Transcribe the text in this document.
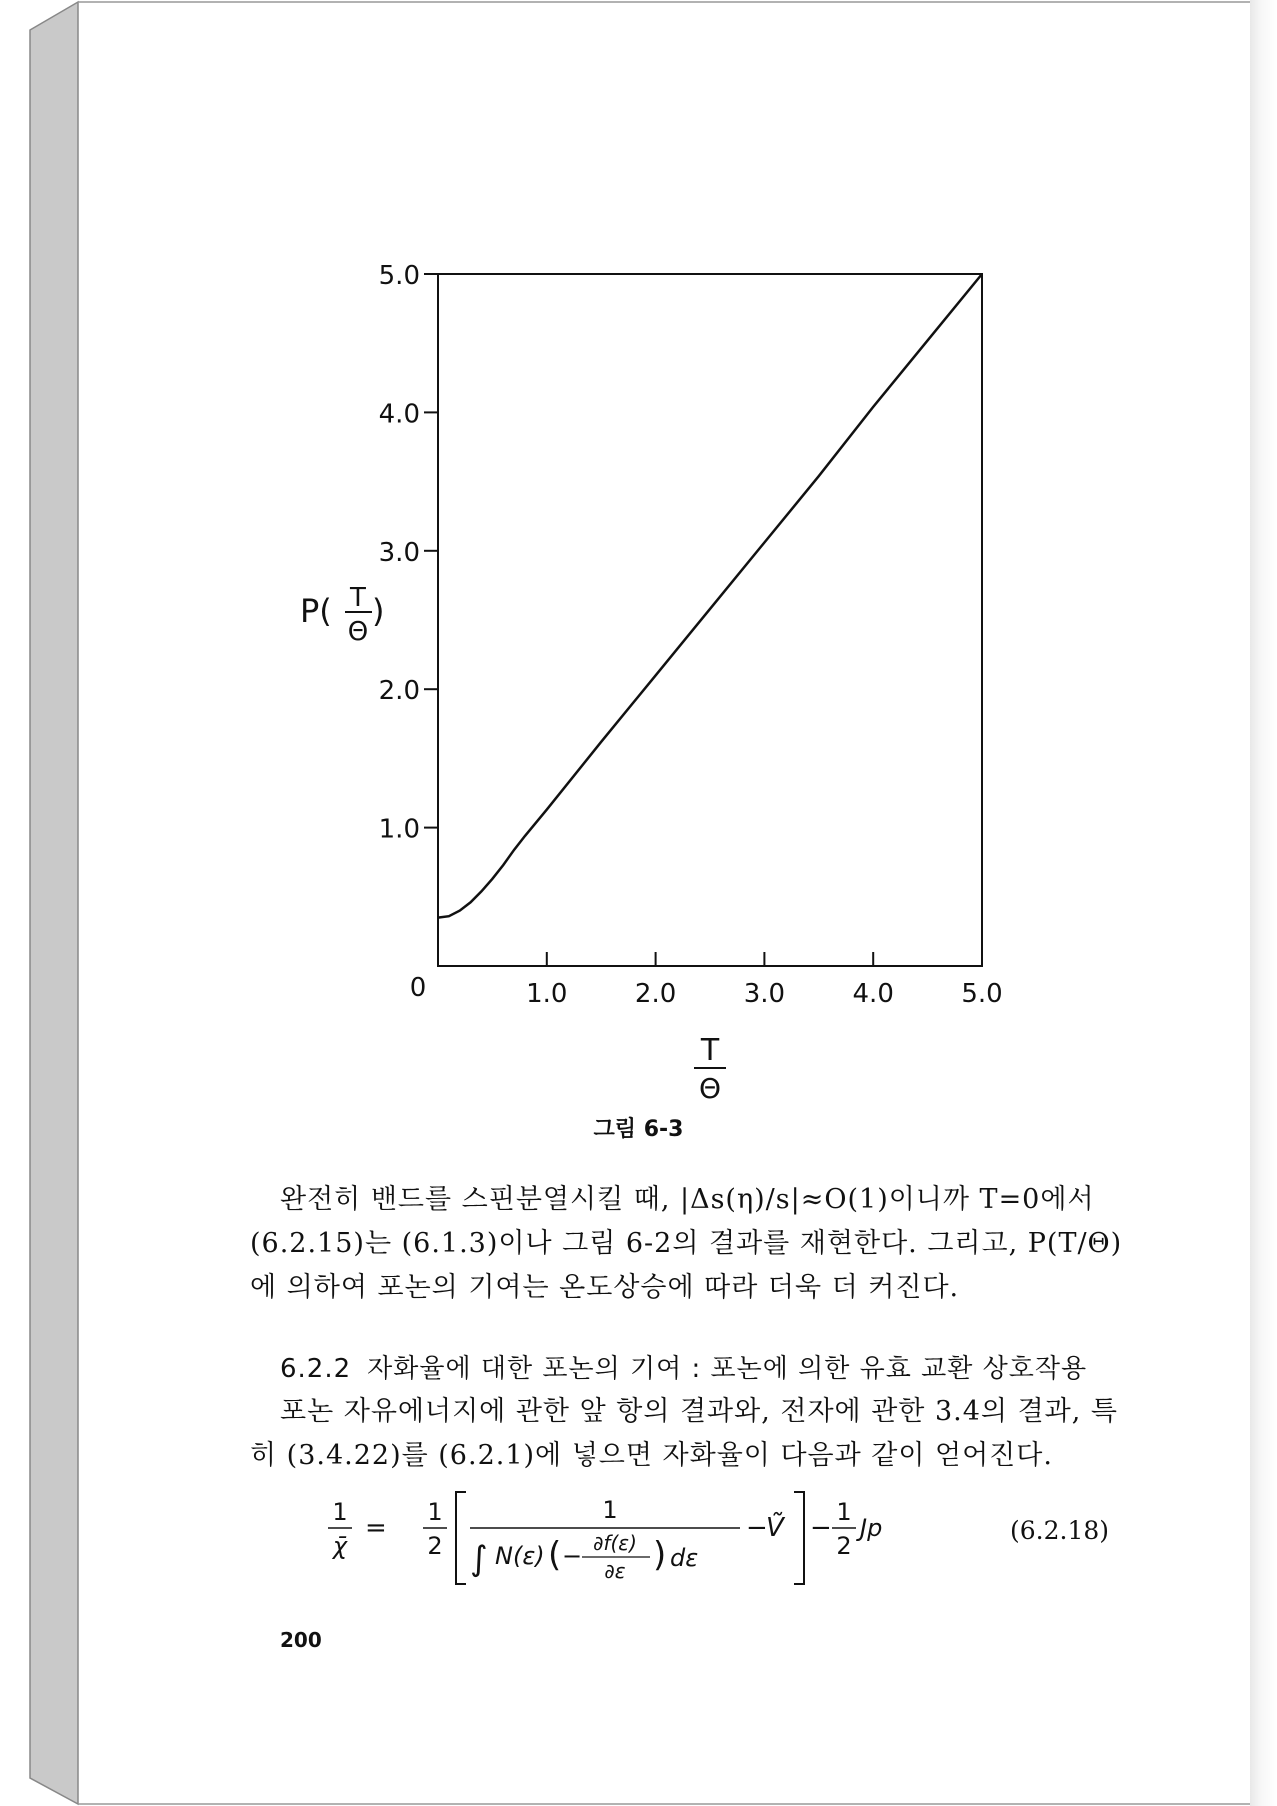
1.0
2.0
3.0
4.0
5.0
1.0	2.0	3.0	4.0	5.0
0
P( T
Θ
)
T
Θ
그림 6-3

완전히 밴드를 스핀분열시킬 때, |Δs(η)/s|≈O(1)이니까 T=0에서

(6.2.15)는 (6.1.3)이나 그림 6-2의 결과를 재현한다. 그리고, P(T/Θ)

에 의하여 포논의 기여는 온도상승에 따라 더욱 더 커진다.

6.2.2 자화율에 대한 포논의 기여 : 포논에 의한 유효 교환 상호작용

포논 자유에너지에 관한 앞 항의 결과와, 전자에 관한 3.4의 결과, 특

히 (3.4.22)를 (6.2.1)에 넣으면 자화율이 다음과 같이 얻어진다.

1
χ̄
=
1
2
1
∫ N(ε) ( − ∂f(ε)
∂ε ) dε
−
Ṽ −
1
2
Jp	(6.2.18)
200
